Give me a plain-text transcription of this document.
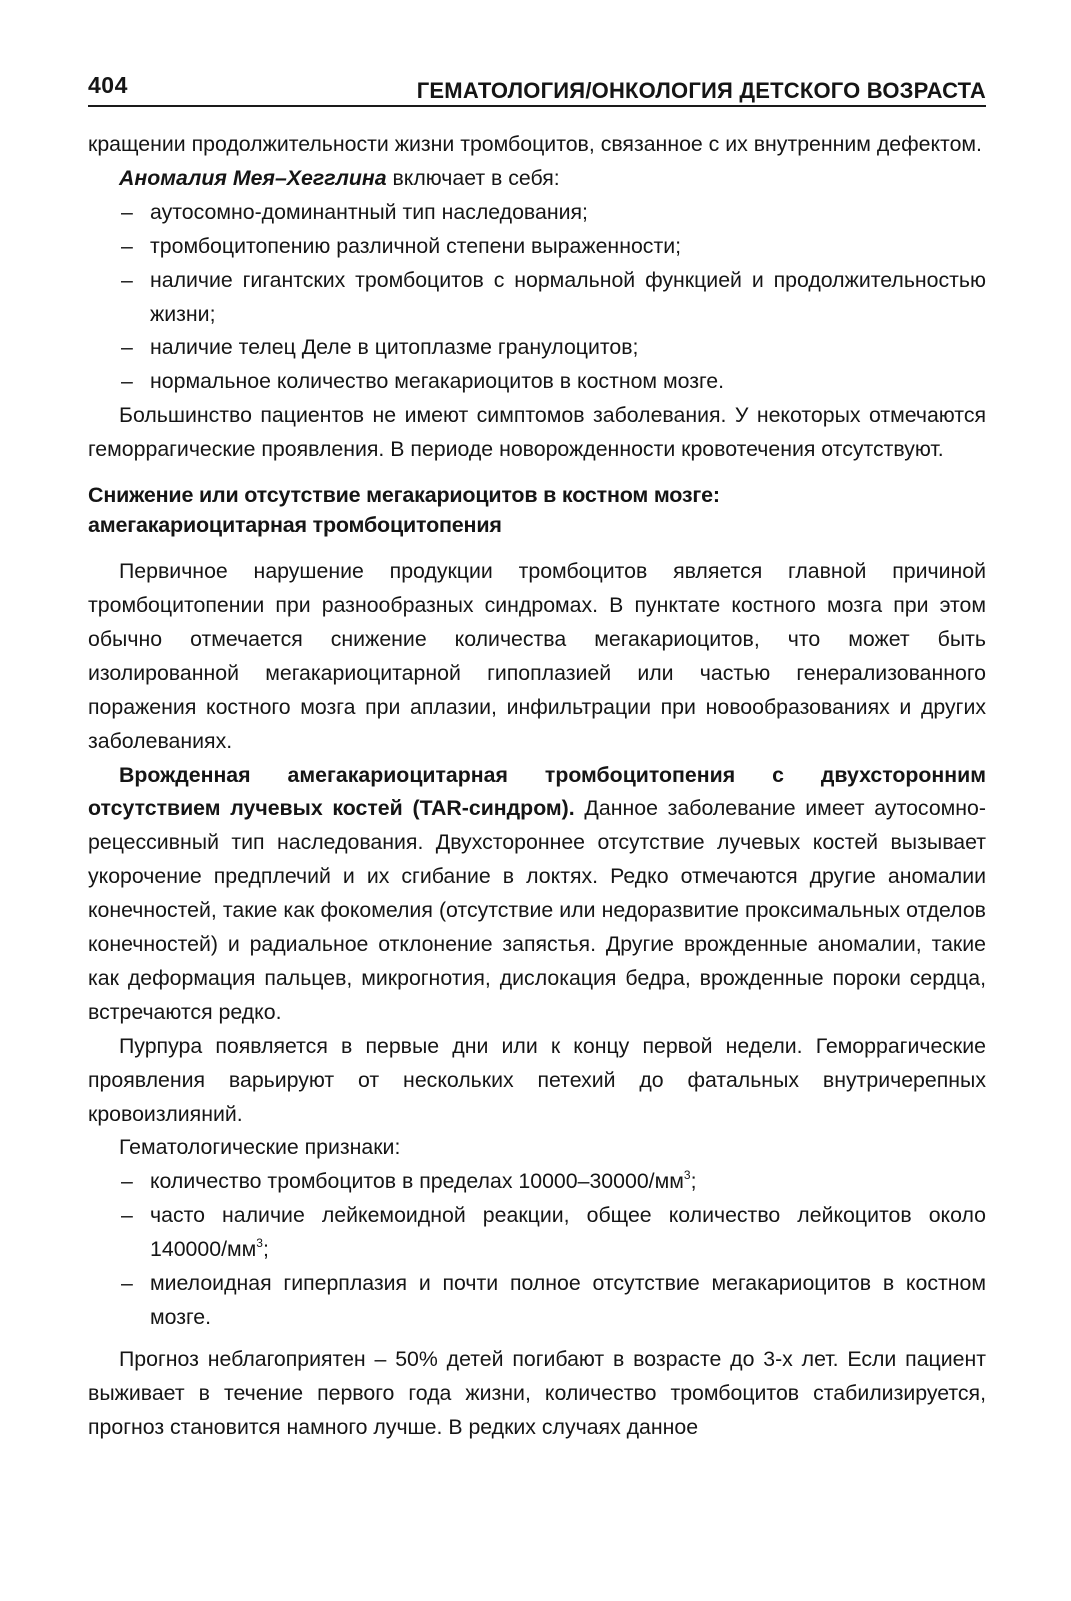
404	ГЕМАТОЛОГИЯ/ОНКОЛОГИЯ ДЕТСКОГО ВОЗРАСТА

кращении продолжительности жизни тромбоцитов, связанное с их внутренним дефектом.

Аномалия Мея–Хегглина включает в себя:

– аутосомно-доминантный тип наследования;
– тромбоцитопению различной степени выраженности;
– наличие гигантских тромбоцитов с нормальной функцией и продолжительностью жизни;
– наличие телец Деле в цитоплазме гранулоцитов;
– нормальное количество мегакариоцитов в костном мозге.

Большинство пациентов не имеют симптомов заболевания. У некоторых отмечаются геморрагические проявления. В периоде новорожденности кровотечения отсутствуют.

Снижение или отсутствие мегакариоцитов в костном мозге:
амегакариоцитарная тромбоцитопения

Первичное нарушение продукции тромбоцитов является главной причиной тромбоцитопении при разнообразных синдромах. В пунктате костного мозга при этом обычно отмечается снижение количества мегакариоцитов, что может быть изолированной мегакариоцитарной гипоплазией или частью генерализованного поражения костного мозга при аплазии, инфильтрации при новообразованиях и других заболеваниях.

Врожденная амегакариоцитарная тромбоцитопения с двухсторонним отсутствием лучевых костей (TAR-синдром). Данное заболевание имеет аутосомно-рецессивный тип наследования. Двухстороннее отсутствие лучевых костей вызывает укорочение предплечий и их сгибание в локтях. Редко отмечаются другие аномалии конечностей, такие как фокомелия (отсутствие или недоразвитие проксимальных отделов конечностей) и радиальное отклонение запястья. Другие врожденные аномалии, такие как деформация пальцев, микрогнотия, дислокация бедра, врожденные пороки сердца, встречаются редко.

Пурпура появляется в первые дни или к концу первой недели. Геморрагические проявления варьируют от нескольких петехий до фатальных внутричерепных кровоизлияний.

Гематологические признаки:

– количество тромбоцитов в пределах $10000-30000/мм^3$;
– часто наличие лейкемоидной реакции, общее количество лейкоцитов около $140000/мм^3$;
– миелоидная гиперплазия и почти полное отсутствие мегакариоцитов в костном мозге.

Прогноз неблагоприятен – 50% детей погибают в возрасте до 3-х лет. Если пациент выживает в течение первого года жизни, количество тромбоцитов стабилизируется, прогноз становится намного лучше. В редких случаях данное
